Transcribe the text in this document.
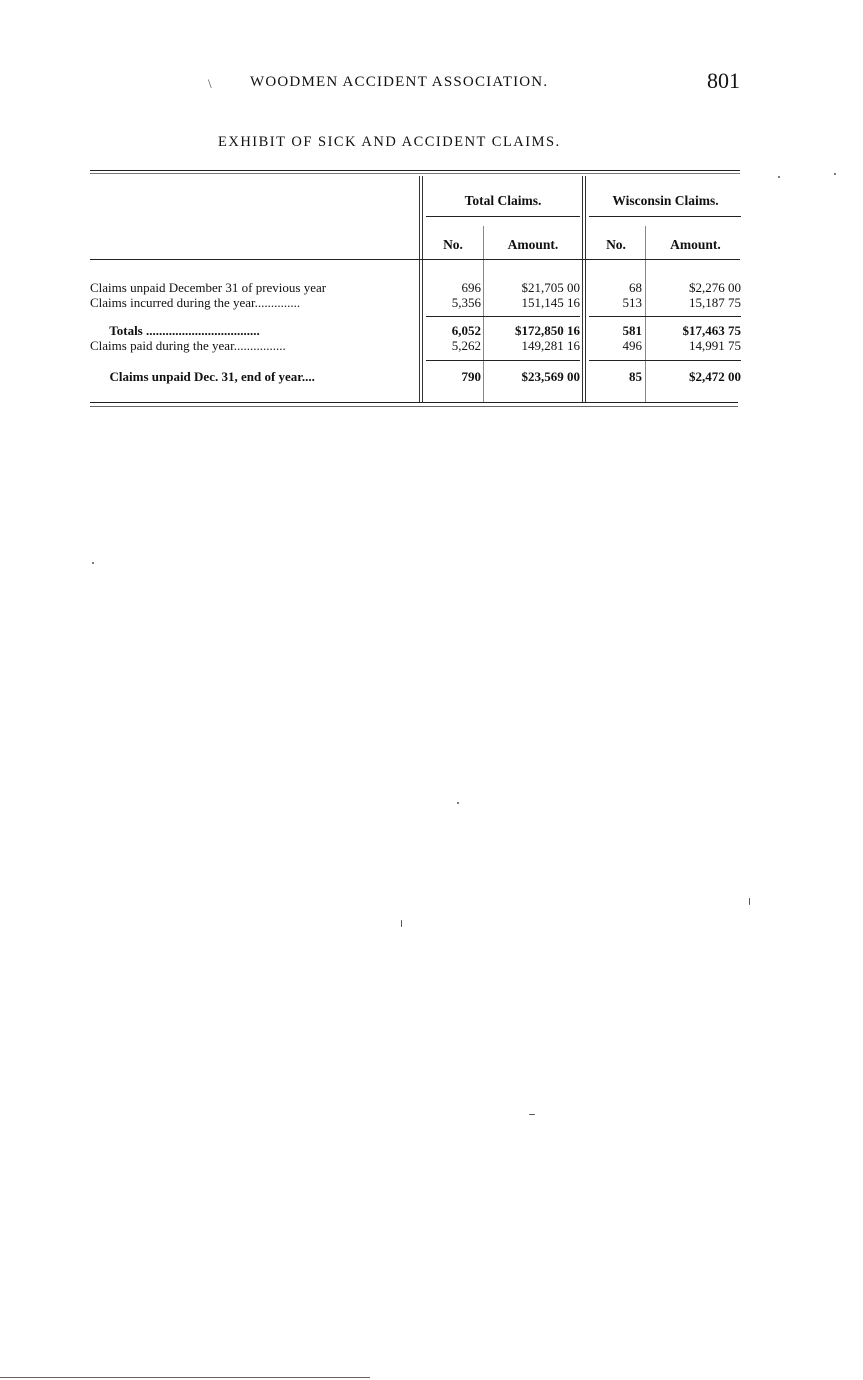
\	WOODMEN ACCIDENT ASSOCIATION.	801
EXHIBIT OF SICK AND ACCIDENT CLAIMS.
Total Claims.	Wisconsin Claims.
No.	Amount.	No.	Amount.
Claims unpaid December 31 of previous year	696	$21,705 00	68	$2,276 00
Claims incurred during the year..............	5,356	151,145 16	513	15,187 75
Totals ...................................	6,052	$172,850 16	581	$17,463 75
Claims paid during the year................	5,262	149,281 16	496	14,991 75
Claims unpaid Dec. 31, end of year....	790	$23,569 00	85	$2,472 00
